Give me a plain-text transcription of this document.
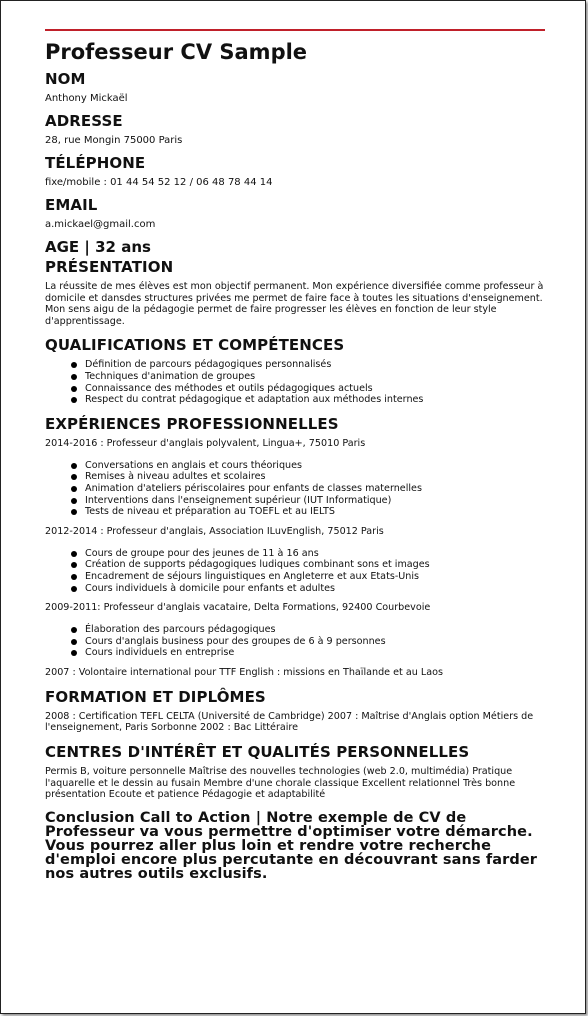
Professeur CV Sample
NOM

Anthony Mickaël

ADRESSE

28, rue Mongin 75000 Paris

TÉLÉPHONE

fixe/mobile : 01 44 54 52 12 / 06 48 78 44 14

EMAIL

a.mickael@gmail.com

AGE | 32 ans
PRÉSENTATION

La réussite de mes élèves est mon objectif permanent. Mon expérience diversifiée comme professeur à domicile et dansdes structures privées me permet de faire face à toutes les situations d'enseignement. Mon sens aigu de la pédagogie permet de faire progresser les élèves en fonction de leur style d'apprentissage.

QUALIFICATIONS ET COMPÉTENCES
Définition de parcours pédagogiques personnalisés
Techniques d'animation de groupes
Connaissance des méthodes et outils pédagogiques actuels
Respect du contrat pédagogique et adaptation aux méthodes internes
EXPÉRIENCES PROFESSIONNELLES

2014-2016 : Professeur d'anglais polyvalent, Lingua+, 75010 Paris

Conversations en anglais et cours théoriques
Remises à niveau adultes et scolaires
Animation d'ateliers périscolaires pour enfants de classes maternelles
Interventions dans l'enseignement supérieur (IUT Informatique)
Tests de niveau et préparation au TOEFL et au IELTS

2012-2014 : Professeur d'anglais, Association ILuvEnglish, 75012 Paris

Cours de groupe pour des jeunes de 11 à 16 ans
Création de supports pédagogiques ludiques combinant sons et images
Encadrement de séjours linguistiques en Angleterre et aux Etats-Unis
Cours individuels à domicile pour enfants et adultes

2009-2011: Professeur d'anglais vacataire, Delta Formations, 92400 Courbevoie

Élaboration des parcours pédagogiques
Cours d'anglais business pour des groupes de 6 à 9 personnes
Cours individuels en entreprise

2007 : Volontaire international pour TTF English : missions en Thaïlande et au Laos

FORMATION ET DIPLÔMES

2008 : Certification TEFL CELTA (Université de Cambridge) 2007 : Maîtrise d'Anglais option Métiers de l'enseignement, Paris Sorbonne 2002 : Bac Littéraire

CENTRES D'INTÉRÊT ET QUALITÉS PERSONNELLES

Permis B, voiture personnelle Maîtrise des nouvelles technologies (web 2.0, multimédia) Pratique l'aquarelle et le dessin au fusain Membre d'une chorale classique Excellent relationnel Très bonne présentation Ecoute et patience Pédagogie et adaptabilité

Conclusion Call to Action | Notre exemple de CV de Professeur va vous permettre d'optimiser votre démarche. Vous pourrez aller plus loin et rendre votre recherche d'emploi encore plus percutante en découvrant sans farder nos autres outils exclusifs.
